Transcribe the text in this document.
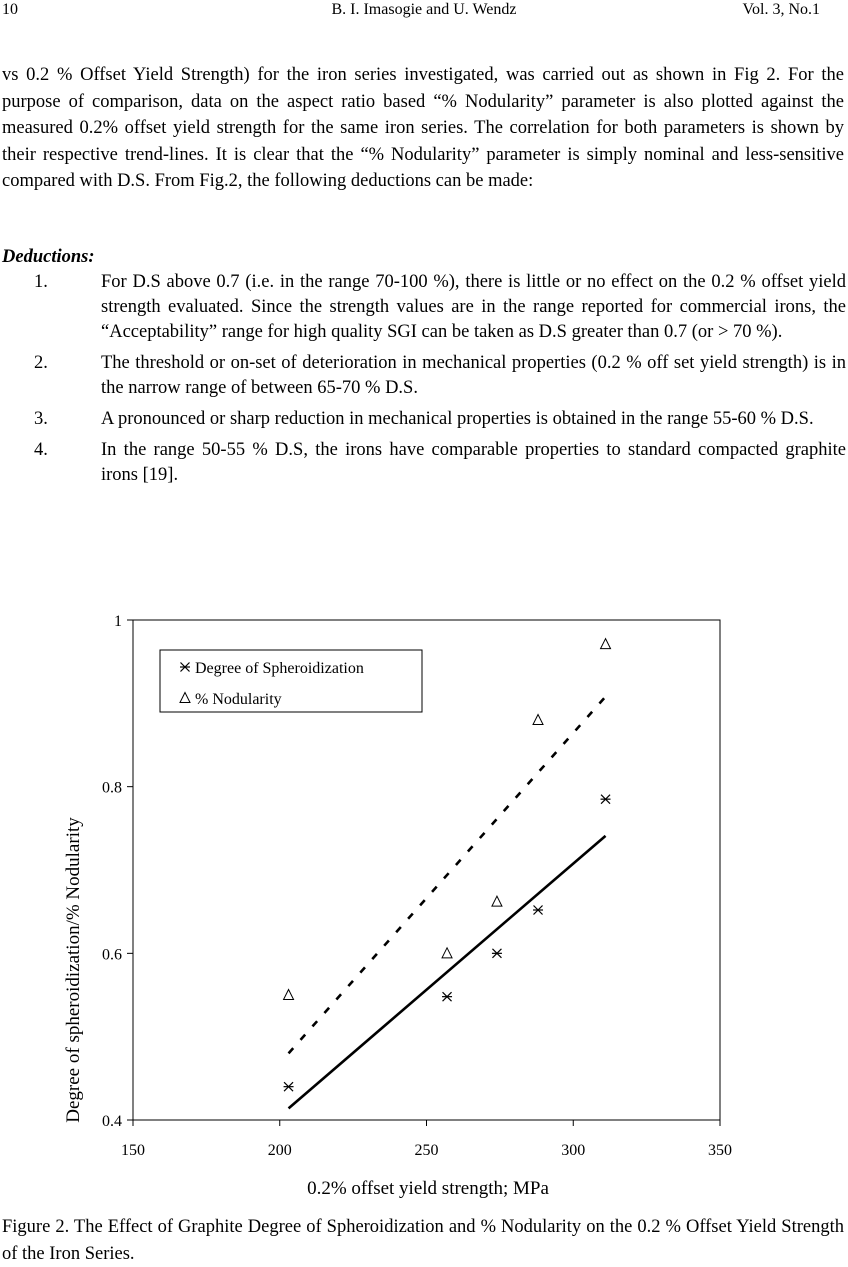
10	B. I. Imasogie and U. Wendz	Vol. 3, No.1

vs 0.2 % Offset Yield Strength) for the iron series investigated, was carried out as shown in Fig 2. For the purpose of comparison, data on the aspect ratio based “% Nodularity” parameter is also plotted against the measured 0.2% offset yield strength for the same iron series. The correlation for both parameters is shown by their respective trend-lines. It is clear that the “% Nodularity” parameter is simply nominal and less-sensitive compared with D.S. From Fig.2, the following deductions can be made:

Deductions:
1.	For D.S above 0.7 (i.e. in the range 70-100 %), there is little or no effect on the 0.2 % offset yield strength evaluated. Since the strength values are in the range reported for commercial irons, the “Acceptability” range for high quality SGI can be taken as D.S greater than 0.7 (or > 70 %).
2.	The threshold or on-set of deterioration in mechanical properties (0.2 % off set yield strength) is in the narrow range of between 65-70 % D.S.
3.	A pronounced or sharp reduction in mechanical properties is obtained in the range 55-60 % D.S.
4.	In the range 50-55 % D.S, the irons have comparable properties to standard compacted graphite irons [19].
150	200	250	300	350
0.4
0.6
0.8
1
Degree of Spheroidization
% Nodularity
0.2% offset yield strength; MPa
Degree of spheroidization/% Nodularity

Figure 2. The Effect of Graphite Degree of Spheroidization and % Nodularity on the 0.2 % Offset Yield Strength of the Iron Series.
